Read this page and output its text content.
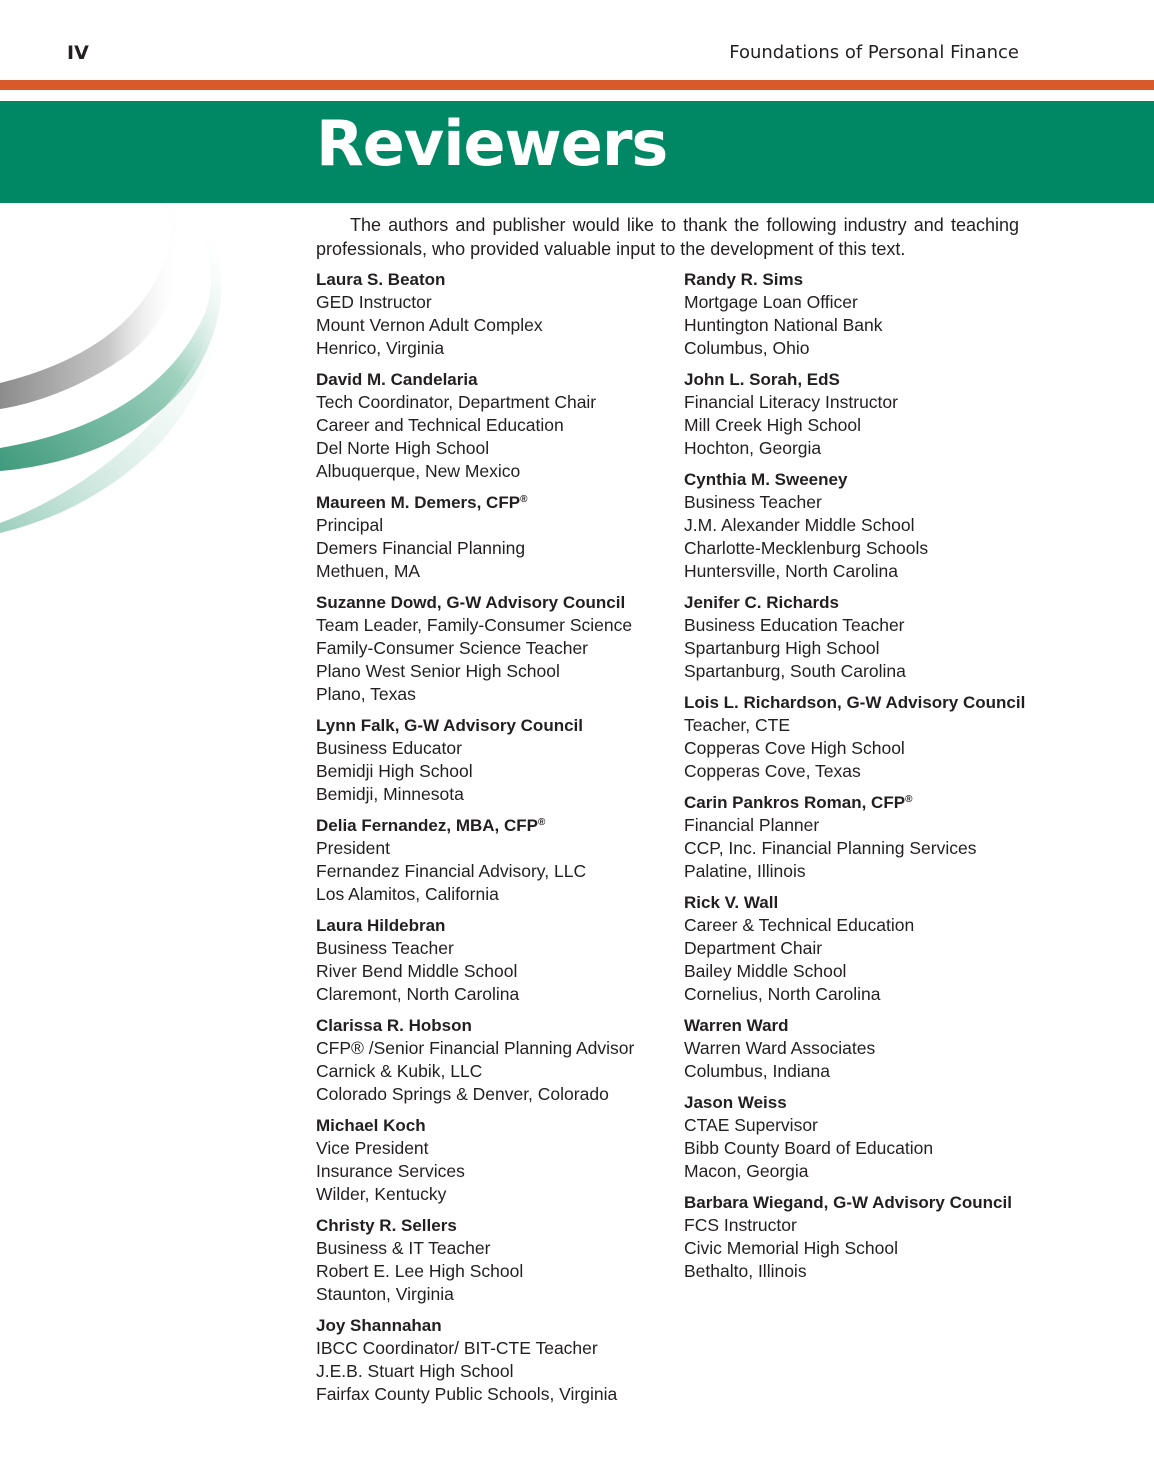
IV	Foundations of Personal Finance
Reviewers

The authors and publisher would like to thank the following industry and teaching professionals, who provided valuable input to the development of this text.

Laura S. Beaton
GED Instructor
Mount Vernon Adult Complex
Henrico, Virginia
David M. Candelaria
Tech Coordinator, Department Chair
Career and Technical Education
Del Norte High School
Albuquerque, New Mexico
Maureen M. Demers, CFP®
Principal
Demers Financial Planning
Methuen, MA
Suzanne Dowd, G-W Advisory Council
Team Leader, Family-Consumer Science
Family-Consumer Science Teacher
Plano West Senior High School
Plano, Texas
Lynn Falk, G-W Advisory Council
Business Educator
Bemidji High School
Bemidji, Minnesota
Delia Fernandez, MBA, CFP®
President
Fernandez Financial Advisory, LLC
Los Alamitos, California
Laura Hildebran
Business Teacher
River Bend Middle School
Claremont, North Carolina
Clarissa R. Hobson
CFP® /Senior Financial Planning Advisor
Carnick & Kubik, LLC
Colorado Springs & Denver, Colorado
Michael Koch
Vice President
Insurance Services
Wilder, Kentucky
Christy R. Sellers
Business & IT Teacher
Robert E. Lee High School
Staunton, Virginia
Joy Shannahan
IBCC Coordinator/ BIT-CTE Teacher
J.E.B. Stuart High School
Fairfax County Public Schools, Virginia
Randy R. Sims
Mortgage Loan Officer
Huntington National Bank
Columbus, Ohio
John L. Sorah, EdS
Financial Literacy Instructor
Mill Creek High School
Hochton, Georgia
Cynthia M. Sweeney
Business Teacher
J.M. Alexander Middle School
Charlotte-Mecklenburg Schools
Huntersville, North Carolina
Jenifer C. Richards
Business Education Teacher
Spartanburg High School
Spartanburg, South Carolina
Lois L. Richardson, G-W Advisory Council
Teacher, CTE
Copperas Cove High School
Copperas Cove, Texas
Carin Pankros Roman, CFP®
Financial Planner
CCP, Inc. Financial Planning Services
Palatine, Illinois
Rick V. Wall
Career & Technical Education
Department Chair
Bailey Middle School
Cornelius, North Carolina
Warren Ward
Warren Ward Associates
Columbus, Indiana
Jason Weiss
CTAE Supervisor
Bibb County Board of Education
Macon, Georgia
Barbara Wiegand, G-W Advisory Council
FCS Instructor
Civic Memorial High School
Bethalto, Illinois
